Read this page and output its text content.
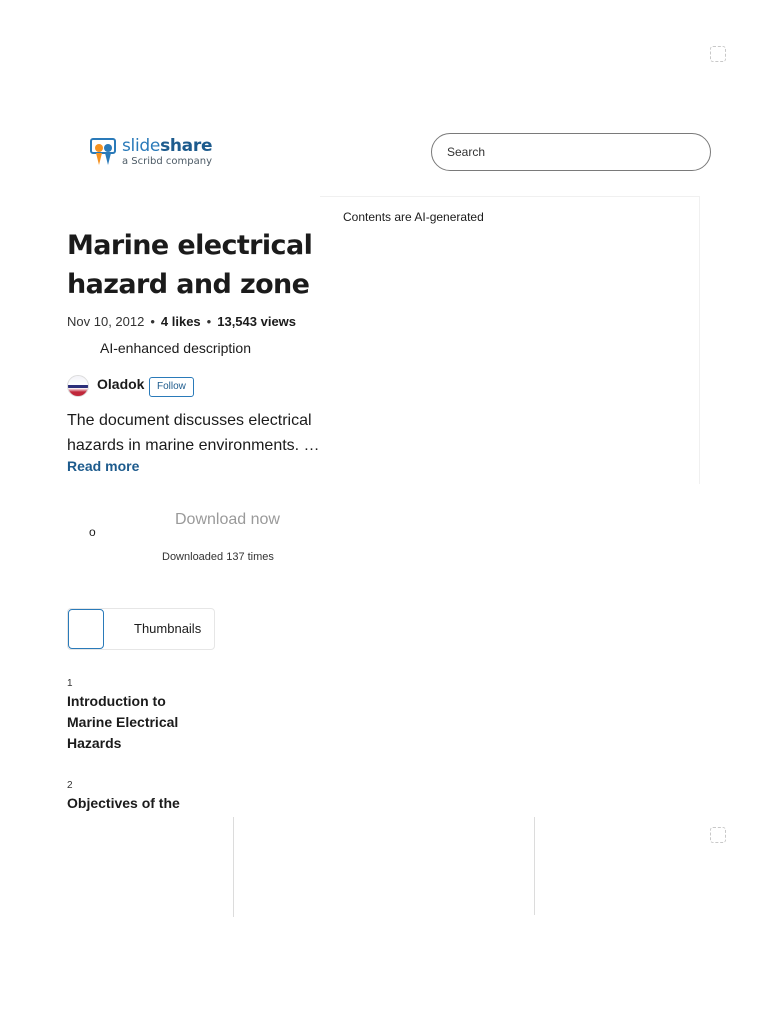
slideshare
a Scribd company
Search
Contents are AI-generated
Marine electrical hazard and zone
Nov 10, 2012 • 4 likes • 13,543 views
AI-enhanced description
Oladok	Follow
The document discusses electrical hazards in marine environments. …
Read more
o
Download now
Downloaded 137 times
Thumbnails
1
Introduction to Marine Electrical Hazards
2
Objectives of the
